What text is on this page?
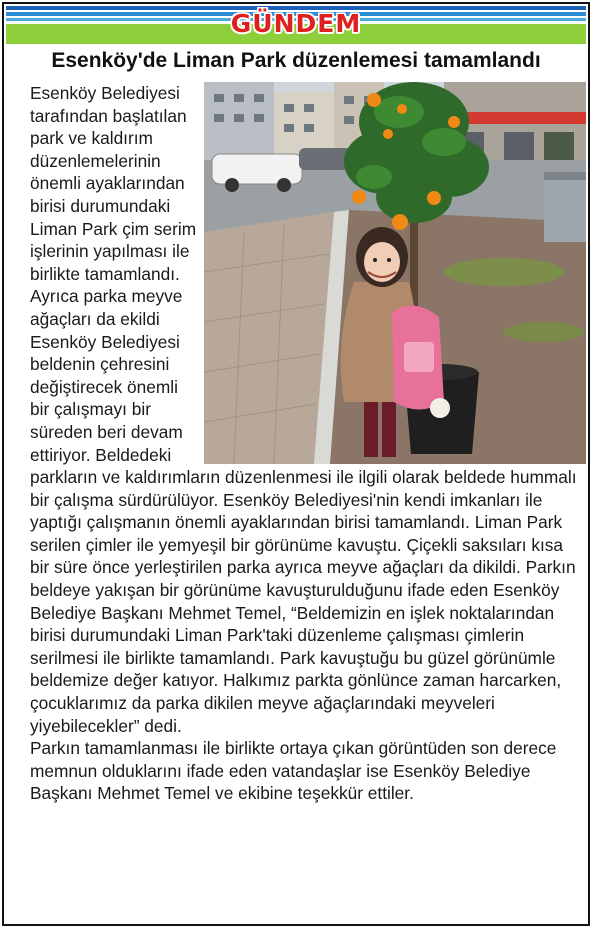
GÜNDEM
Esenköy'de Liman Park düzenlemesi tamamlandı

Esenköy Belediyesi tarafından başlatılan park ve kaldırım düzenlemelerinin önemli ayaklarından birisi durumundaki Liman Park çim serim işlerinin yapılması ile birlikte tamamlandı. Ayrıca parka meyve ağaçları da ekildi Esenköy Belediyesi beldenin çehresini değiştirecek önemli bir çalışmayı bir süreden beri devam ettiriyor. Beldedeki parkların ve kaldırımların düzenlenmesi ile ilgili olarak beldede hummalı bir çalışma sürdürülüyor. Esenköy Belediyesi'nin kendi imkanları ile yaptığı çalışmanın önemli ayaklarından birisi tamamlandı. Liman Park serilen çimler ile yemyeşil bir görünüme kavuştu. Çiçekli saksıları kısa bir süre önce yerleştirilen parka ayrıca meyve ağaçları da dikildi. Parkın beldeye yakışan bir görünüme kavuşturulduğunu ifade eden Esenköy Belediye Başkanı Mehmet Temel, “Beldemizin en işlek noktalarından birisi durumundaki Liman Park'taki düzenleme çalışması çimlerin serilmesi ile birlikte tamamlandı. Park kavuştuğu bu güzel görünümle beldemize değer katıyor. Halkımız parkta gönlünce zaman harcarken, çocuklarımız da parka dikilen meyve ağaçlarındaki meyveleri yiyebilecekler” dedi.

Parkın tamamlanması ile birlikte ortaya çıkan görüntüden son derece memnun olduklarını ifade eden vatandaşlar ise Esenköy Belediye Başkanı Mehmet Temel ve ekibine teşekkür ettiler.
